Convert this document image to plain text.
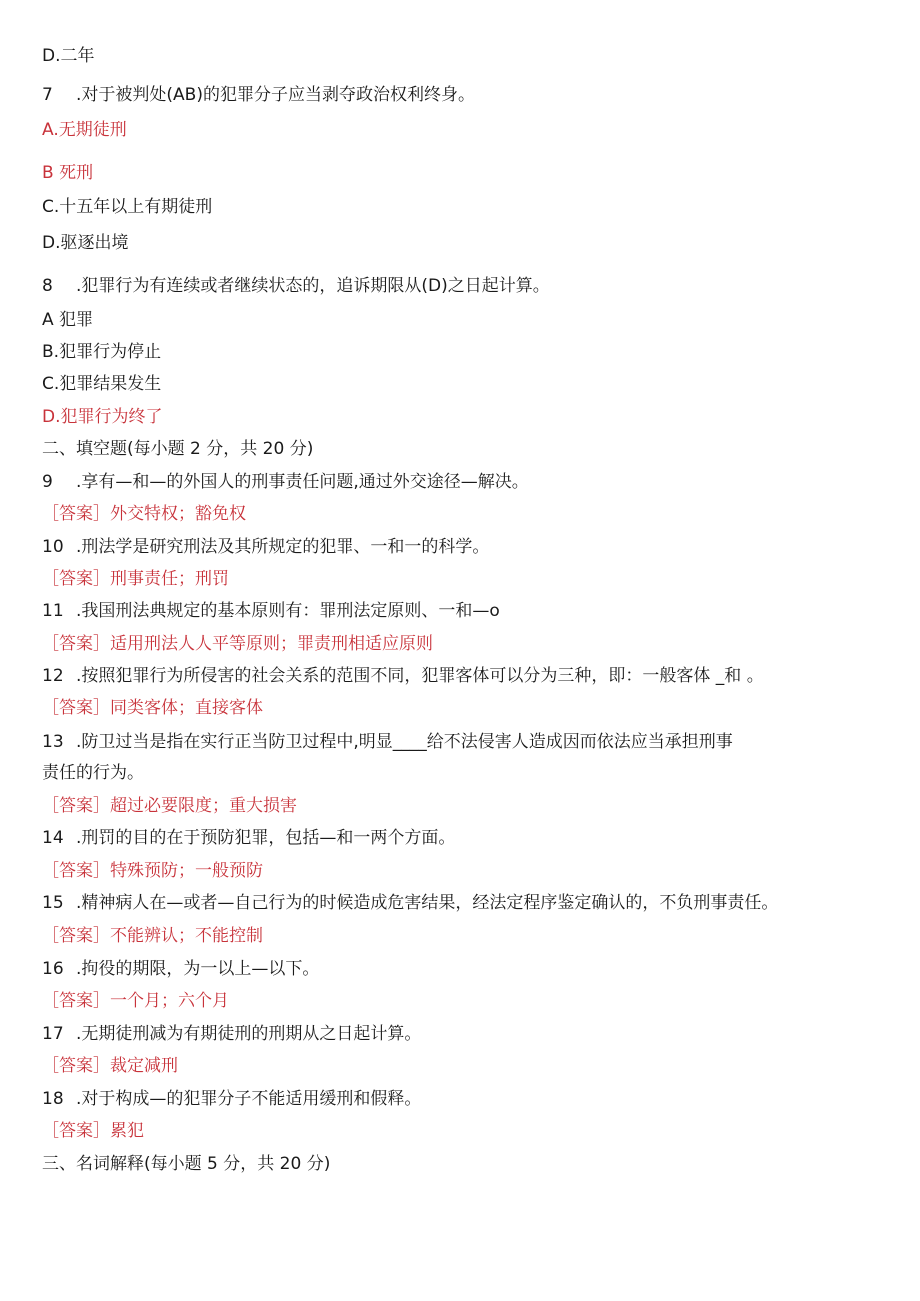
D.二年
7 .对于被判处(AB)的犯罪分子应当剥夺政治权利终身。
A.无期徒刑
B 死刑
C.十五年以上有期徒刑
D.驱逐出境
8 .犯罪行为有连续或者继续状态的，追诉期限从(D)之日起计算。
A 犯罪
B.犯罪行为停止
C.犯罪结果发生
D.犯罪行为终了
二、填空题(每小题 2 分，共 20 分)
9 .享有—和—的外国人的刑事责任问题,通过外交途径—解决。
［答案］外交特权；豁免权
10 .刑法学是研究刑法及其所规定的犯罪、一和一的科学。
［答案］刑事责任；刑罚
11 .我国刑法典规定的基本原则有：罪刑法定原则、一和—o
［答案］适用刑法人人平等原则；罪责刑相适应原则
12 .按照犯罪行为所侵害的社会关系的范围不同，犯罪客体可以分为三种，即：一般客体 _和 。
［答案］同类客体；直接客体
13 .防卫过当是指在实行正当防卫过程中,明显____给不法侵害人造成因而依法应当承担刑事
责任的行为。
［答案］超过必要限度；重大损害
14 .刑罚的目的在于预防犯罪，包括—和一两个方面。
［答案］特殊预防；一般预防
15 .精神病人在—或者—自己行为的时候造成危害结果，经法定程序鉴定确认的，不负刑事责任。
［答案］不能辨认；不能控制
16 .拘役的期限，为一以上—以下。
［答案］一个月；六个月
17 .无期徒刑减为有期徒刑的刑期从之日起计算。
［答案］裁定减刑
18 .对于构成—的犯罪分子不能适用缓刑和假释。
［答案］累犯
三、名词解释(每小题 5 分，共 20 分)
